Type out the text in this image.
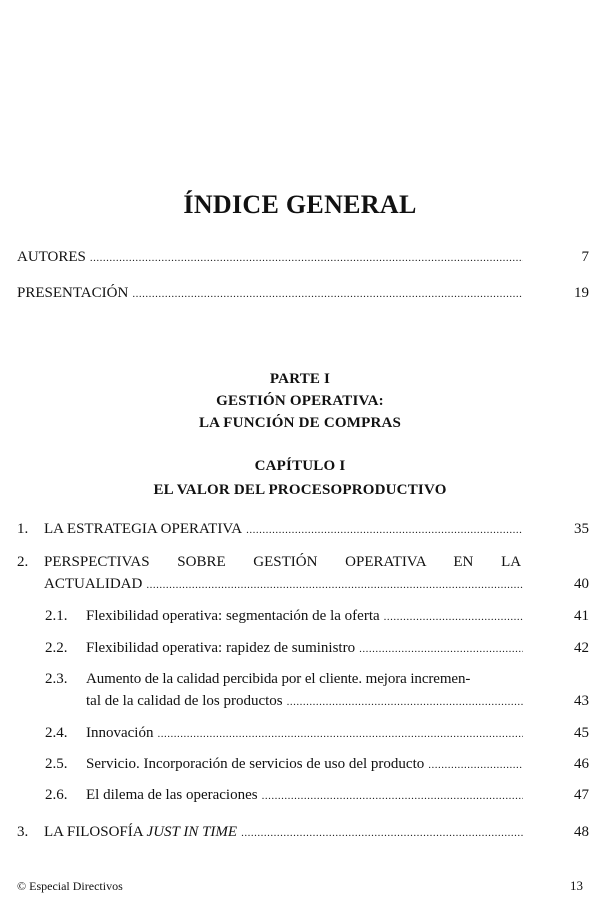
ÍNDICE GENERAL
AUTORES .....	7
PRESENTACIÓN .....	19
PARTE I
GESTIÓN OPERATIVA:
LA FUNCIÓN DE COMPRAS
CAPÍTULO I
EL VALOR DEL PROCESOPRODUCTIVO
1.	LA ESTRATEGIA OPERATIVA .....	35
2. PERSPECTIVAS SOBRE GESTIÓN OPERATIVA EN LA
ACTUALIDAD .....	40
2.1.	Flexibilidad operativa: segmentación de la oferta .....	41
2.2.	Flexibilidad operativa: rapidez de suministro .....	42
2.3. Aumento de la calidad percibida por el cliente. mejora incremen-
tal de la calidad de los productos .....	43
2.4.	Innovación .....	45
2.5.	Servicio. Incorporación de servicios de uso del producto .....	46
2.6.	El dilema de las operaciones .....	47
3.	LA FILOSOFÍA JUST IN TIME .....	48
© Especial Directivos	13
